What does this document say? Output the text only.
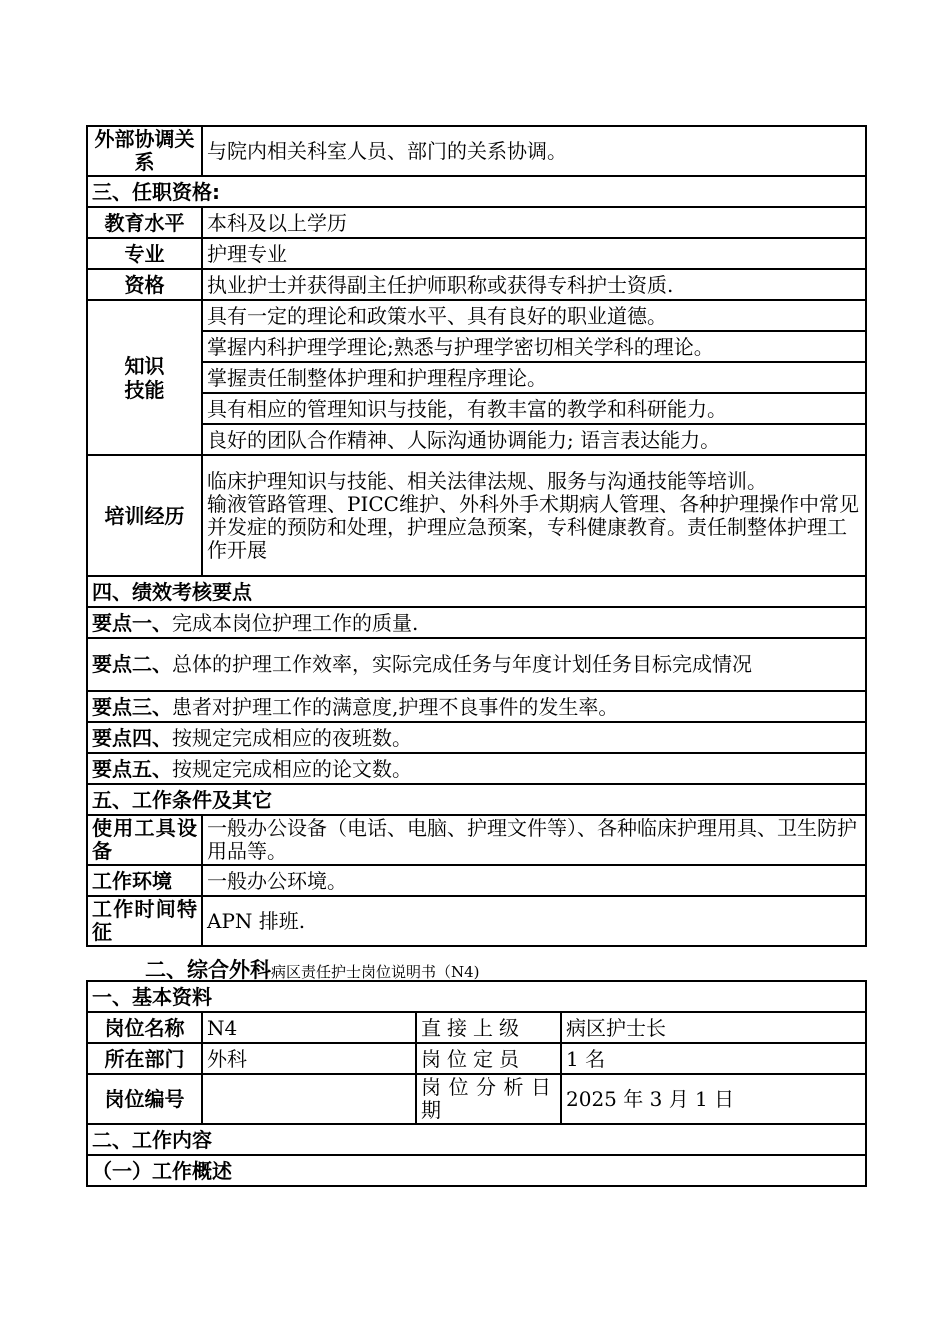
外部协调关系	与院内相关科室人员、部门的关系协调。
三、任职资格:	
教育水平	本科及以上学历
专业	护理专业
资格	执业护士并获得副主任护师职称或获得专科护士资质.
知识技能	具有一定的理论和政策水平、具有良好的职业道德。
	掌握内科护理学理论;熟悉与护理学密切相关学科的理论。
	掌握责任制整体护理和护理程序理论。
	具有相应的管理知识与技能，有教丰富的教学和科研能力。
	良好的团队合作精神、人际沟通协调能力; 语言表达能力。
培训经历	临床护理知识与技能、相关法律法规、服务与沟通技能等培训。
输液管路管理、PICC维护、外科外手术期病人管理、各种护理操作中常见并发症的预防和处理，护理应急预案，专科健康教育。责任制整体护理工作开展

四、绩效考核要点	
要点一、完成本岗位护理工作的质量.	
要点二、总体的护理工作效率，实际完成任务与年度计划任务目标完成情况	
要点三、患者对护理工作的满意度,护理不良事件的发生率。	
要点四、按规定完成相应的夜班数。	
要点五、按规定完成相应的论文数。	
五、工作条件及其它	
使用工具设备	一般办公设备（电话、电脑、护理文件等）、各种临床护理用具、卫生防护用品等。
工作环境	一般办公环境。
工作时间特征	APN 排班.
二、综合外科病区责任护士岗位说明书（N4)
一、基本资料			
岗位名称	N4	直接上级	病区护士长
所在部门	外科	岗位定员	1 名
岗位编号		岗位分析日期	2025 年 3 月 1 日
二、工作内容			
（一）工作概述			
